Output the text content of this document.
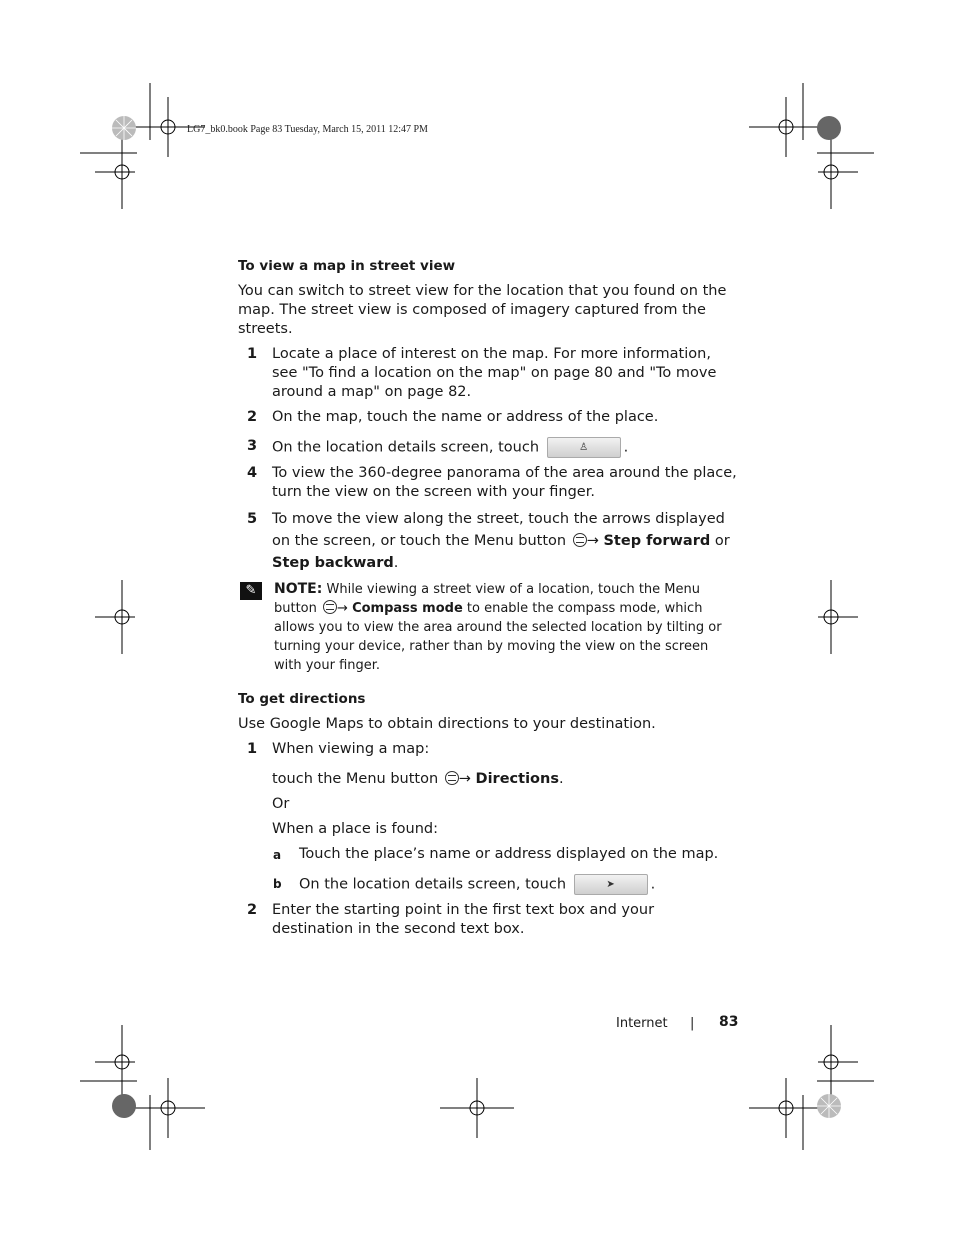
LG7_bk0.book Page 83 Tuesday, March 15, 2011 12:47 PM
To view a map in street view
You can switch to street view for the location that you found on the map. The street view is composed of imagery captured from the streets.
1 Locate a place of interest on the map. For more information, see "To find a location on the map" on page 80 and "To move around a map" on page 82.
2 On the map, touch the name or address of the place.
3 On the location details screen, touch	♙ .
4 To view the 360-degree panorama of the area around the place, turn the view on the screen with your finger.
5 To move the view along the street, touch the arrows displayed on the screen, or touch the Menu button → Step forward or Step backward.
✎	NOTE: While viewing a street view of a location, touch the Menu button → Compass mode to enable the compass mode, which allows you to view the area around the selected location by tilting or turning your device, rather than by moving the view on the screen with your finger.
To get directions
Use Google Maps to obtain directions to your destination.
1 When viewing a map:
touch the Menu button → Directions.
Or
When a place is found:
a Touch the place’s name or address displayed on the map.
b On the location details screen, touch	➤ .
2 Enter the starting point in the first text box and your destination in the second text box.
Internet | 83
